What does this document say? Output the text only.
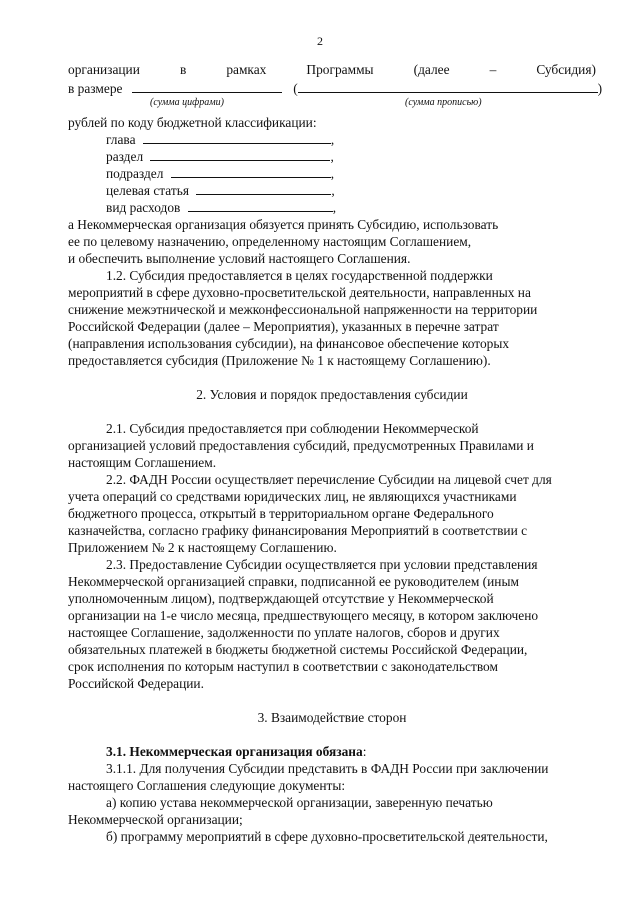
2
организации	в	рамках	Программы	(далее	–	Субсидия)
в размере	(	)
(сумма цифрами)	(сумма прописью)
рублей по коду бюджетной классификации:
глава	,
раздел	,
подраздел	,
целевая статья	,
вид расходов	,
а Некоммерческая организация обязуется принять Субсидию, использовать
ее по целевому назначению, определенному настоящим Соглашением,
и обеспечить выполнение условий настоящего Соглашения.
1.2. Субсидия предоставляется в целях государственной поддержки
мероприятий в сфере духовно-просветительской деятельности, направленных на
снижение межэтнической и межконфессиональной напряженности на территории
Российской Федерации (далее – Мероприятия), указанных в перечне затрат
(направления использования субсидии), на финансовое обеспечение которых
предоставляется субсидия (Приложение № 1 к настоящему Соглашению).
2. Условия и порядок предоставления субсидии
2.1. Субсидия предоставляется при соблюдении Некоммерческой
организацией условий предоставления субсидий, предусмотренных Правилами и
настоящим Соглашением.
2.2. ФАДН России осуществляет перечисление Субсидии на лицевой счет для
учета операций со средствами юридических лиц, не являющихся участниками
бюджетного процесса, открытый в территориальном органе Федерального
казначейства, согласно графику финансирования Мероприятий в соответствии с
Приложением № 2 к настоящему Соглашению.
2.3. Предоставление Субсидии осуществляется при условии представления
Некоммерческой организацией справки, подписанной ее руководителем (иным
уполномоченным лицом), подтверждающей отсутствие у Некоммерческой
организации на 1-е число месяца, предшествующего месяцу, в котором заключено
настоящее Соглашение, задолженности по уплате налогов, сборов и других
обязательных платежей в бюджеты бюджетной системы Российской Федерации,
срок исполнения по которым наступил в соответствии с законодательством
Российской Федерации.
3. Взаимодействие сторон
3.1. Некоммерческая организация обязана:
3.1.1. Для получения Субсидии представить в ФАДН России при заключении
настоящего Соглашения следующие документы:
а) копию устава некоммерческой организации, заверенную печатью
Некоммерческой организации;
б) программу мероприятий в сфере духовно-просветительской деятельности,
